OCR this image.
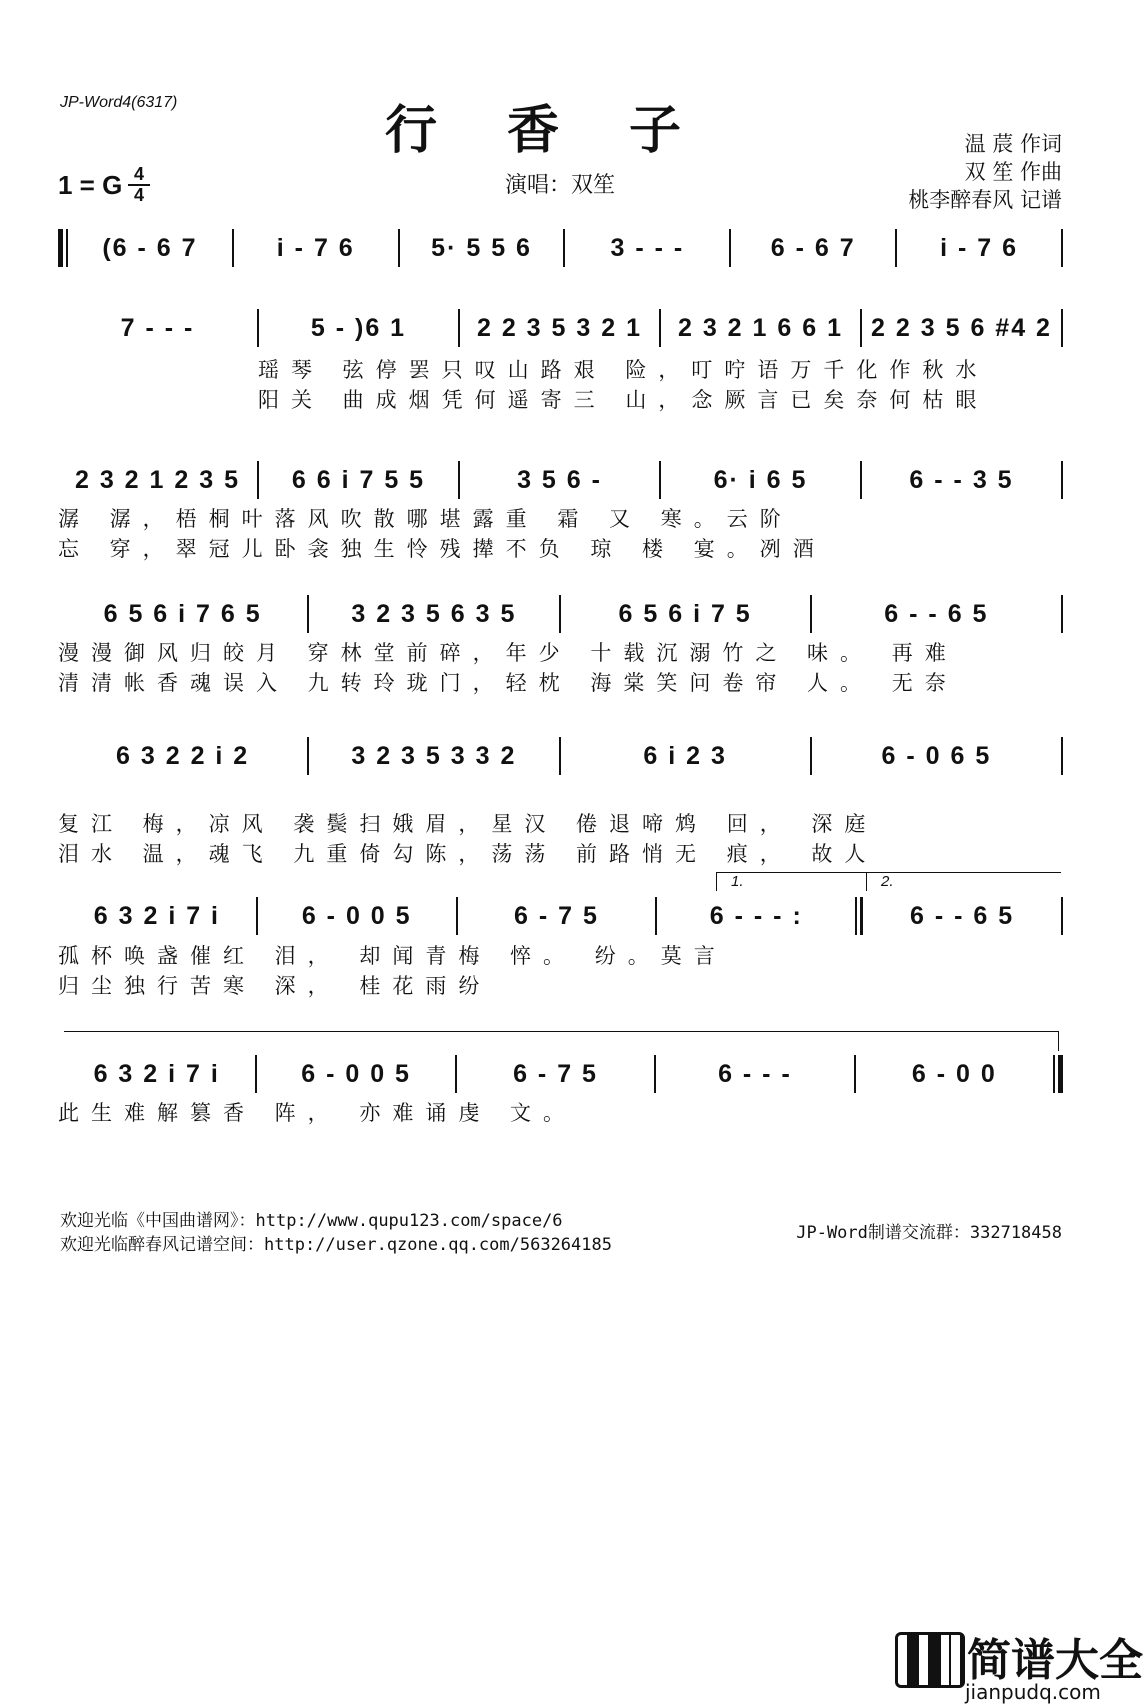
JP-Word4(6317)	行香子
1 = G 4
4	演唱：双笙
温 莀 作词
双 笙 作曲
桃李醉春风 记谱
(6 - 6 7	i - 7 6	5· 5 5 6	3 - - -	6 - 6 7	i - 7 6
7 - - -	5 - )6 1	2 2 3 5 3 2 1	2 3 2 1 6 6 1	2 2 3 5 6 #4 2
瑶琴 弦停罢只叹山路艰 险，叮咛语万千化作秋水
阳关 曲成烟凭何遥寄三 山，念厥言已矣奈何枯眼
2 3 2 1 2 3 5	6 6 i 7 5 5	3 5 6 -	6· i 6 5	6 - - 3 5
潺 潺，梧桐叶落风吹散哪堪露重 霜 又 寒。云阶
忘 穿，翠冠儿卧衾独生怜残撵不负 琼 楼 宴。冽酒
6 5 6 i 7 6 5	3 2 3 5 6 3 5	6 5 6 i 7 5	6 - - 6 5
漫漫御风归皎月 穿林堂前碎，年少 十载沉溺竹之 味。 再难
清清帐香魂误入 九转玲珑门，轻枕 海棠笑问卷帘 人。 无奈
6 3 2 2 i 2	3 2 3 5 3 3 2	6 i 2 3	6 - 0 6 5
复江 梅，凉风 袭鬓扫娥眉，星汉 倦退啼鸩 回， 深庭
泪水 温，魂飞 九重倚勾陈，荡荡 前路悄无 痕， 故人
1.	2.
6 3 2 i 7 i	6 - 0 0 5	6 - 7 5	6 - - - :	6 - - 6 5
孤杯唤盏催红 泪， 却闻青梅 悴。 纷。莫言
归尘独行苦寒 深， 桂花雨纷
6 3 2 i 7 i	6 - 0 0 5	6 - 7 5	6 - - -	6 - 0 0
此生难解篡香 阵， 亦难诵虔 文。
欢迎光临《中国曲谱网》：http://www.qupu123.com/space/6
欢迎光临醉春风记谱空间：http://user.qzone.qq.com/563264185
JP-Word制谱交流群：332718458
简谱大全
jianpudq.com
